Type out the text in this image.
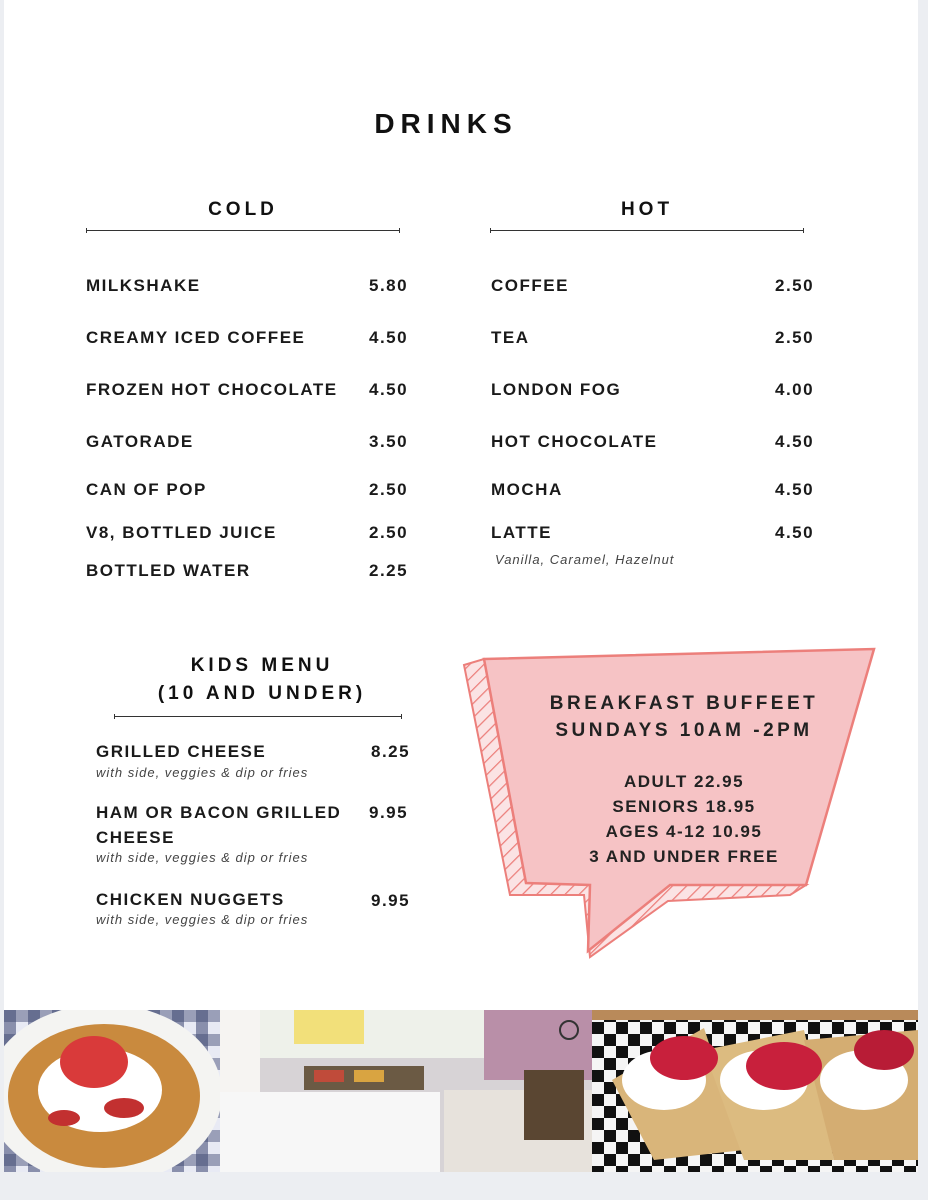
DRINKS
COLD
MILKSHAKE	5.80
CREAMY ICED COFFEE	4.50
FROZEN HOT CHOCOLATE 4.50
GATORADE	3.50
CAN OF POP	2.50
V8, BOTTLED JUICE	2.50
BOTTLED WATER	2.25
HOT
COFFEE	2.50
TEA	2.50
LONDON FOG	4.00
HOT CHOCOLATE	4.50
MOCHA	4.50
LATTE	4.50
Vanilla, Caramel, Hazelnut
KIDS MENU
(10 AND UNDER)
GRILLED CHEESE	8.25
with side, veggies & dip or fries
HAM OR BACON GRILLED CHEESE
9.95
with side, veggies & dip or fries
CHICKEN NUGGETS	9.95
with side, veggies & dip or fries
BREAKFAST BUFFEET
SUNDAYS 10AM -2PM
ADULT 22.95
SENIORS 18.95
AGES 4-12 10.95
3 AND UNDER FREE
